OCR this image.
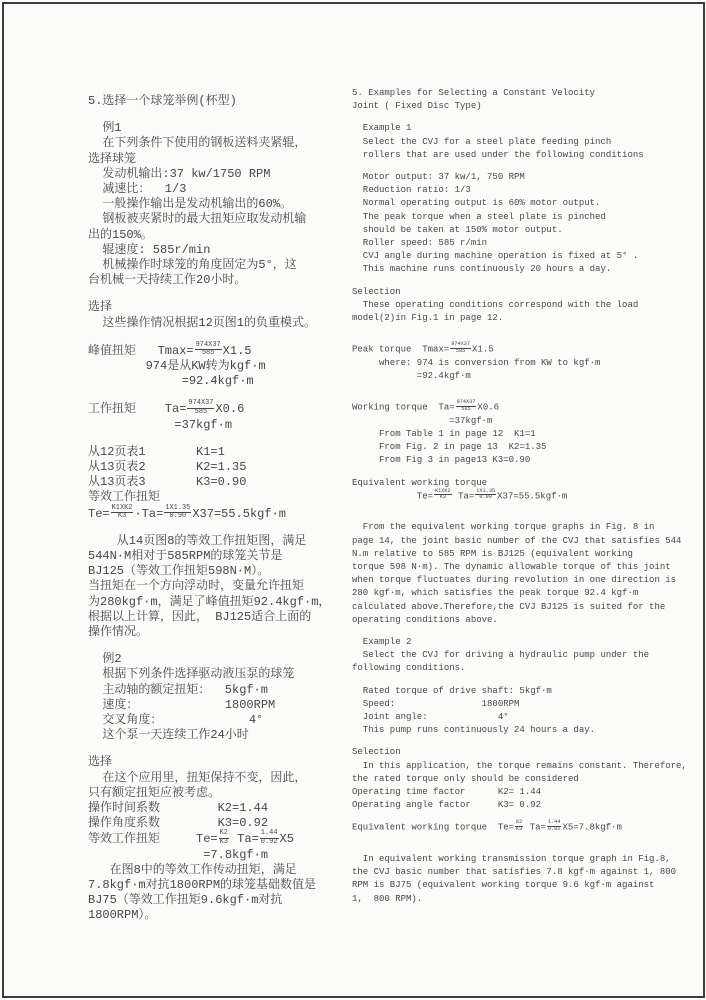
5.选择一个球笼举例(杯型)

例1
在下列条件下使用的钢板送料夹紧辊，
选择球笼
发动机输出:37 kw/1750 RPM
减速比：  1/3
一般操作输出是发动机输出的60%。
钢板被夹紧时的最大扭矩应取发动机输
出的150%。
辊速度: 585r/min
机械操作时球笼的角度固定为5°，这
台机械一天持续工作20小时。

选择
这些操作情况根据12页图1的负重模式。

峰值扭矩   $Tmax= \frac{974X37}{585} X1.5$
974是从KW转为kgf·m
=92.4kgf·m

工作扭矩    $Ta= \frac{974X37}{585} X0.6$
=37kgf·m

从12页表1       K1=1
从13页表2       K2=1.35
从13页表3       K3=0.90
等效工作扭矩
$Te= \frac{K1XK2}{K3} \cdot Ta= \frac{1X1.35}{0.90} X37=55.5kgf\cdot m$

从14页图8的等效工作扭矩图，满足
544N·M相对于585RPM的球笼关节是
BJ125（等效工作扭矩598N·M）。
当扭矩在一个方向浮动时，变量允许扭矩
为280kgf·m，满足了峰值扭矩92.4kgf·m，
根据以上计算，因此， BJ125适合上面的
操作情况。

例2
根据下列条件选择驱动液压泵的球笼
主动轴的额定扭矩：  5kgf·m
速度：            1800RPM
交叉角度：            4°
这个泵一天连续工作24小时

选择
在这个应用里，扭矩保持不变，因此，
只有额定扭矩应被考虑。
操作时间系数        K2=1.44
操作角度系数        K3=0.92
等效工作扭矩     $Te= \frac{K2}{K3} Ta= \frac{1.44}{0.92} X5$
=7.8kgf·m
在图8中的等效工作传动扭矩，满足
7.8kgf·m对抗1800RPM的球笼基础数值是
BJ75（等效工作扭矩9.6kgf·m对抗
1800RPM）。
5. Examples for Selecting a Constant Velocity
Joint ( Fixed Disc Type)

Example 1
Select the CVJ for a steel plate feeding pinch
rollers that are used under the following conditions

Motor output: 37 kw/1, 750 RPM
Reduction ratio: 1/3
Normal operating output is 60% motor output.
The peak torque when a steel plate is pinched
should be taken at 150% motor output.
Roller speed: 585 r/min
CVJ angle during machine operation is fixed at 5° .
This machine runs continuously 20 hours a day.

Selection
These operating conditions correspond with the load
model(2)in Fig.1 in page 12.

Peak torque  $Tmax= \frac{974X37}{585} X1.5$
where: 974 is conversion from KW to kgf·m
=92.4kgf·m

Working torque  $Ta= \frac{974X37}{585} X0.6$
=37kgf·m
From Table 1 in page 12  K1=1
From Fig. 2 in page 13  K2=1.35
From Fig 3 in page13 K3=0.90

Equivalent working torque
$Te= \frac{K1XK2}{K3} Ta= \frac{1X1.35}{0.90} X37=55.5kgf\cdot m$

From the equivalent working torque graphs in Fig. 8 in
page 14, the joint basic number of the CVJ that satisfies 544
N.m relative to 585 RPM is BJ125 (equivalent working
torque 598 N·m). The dynamic allowable torque of this joint
when torque fluctuates during revolution in one direction is
280 kgf·m, which satisfies the peak torque 92.4 kgf·m
calculated above.Therefore,the CVJ BJ125 is suited for the
operating conditions above.

Example 2
Select the CVJ for driving a hydraulic pump under the
following conditions.

Rated torque of drive shaft: 5kgf·m
Speed:                1800RPM
Joint angle:             4°
This pump runs continuously 24 hours a day.

Selection
In this application, the torque remains constant. Therefore,
the rated torque only should be considered
Operating time factor      K2= 1.44
Operating angle factor     K3= 0.92

Equivalent working torque  $Te= \frac{K2}{K3} Ta= \frac{1.44}{0.92} X5=7.8kgf\cdot m$

In equivalent working transmission torque graph in Fig.8,
the CVJ basic number that satisfies 7.8 kgf·m against 1, 800
RPM is BJ75 (equivalent working torque 9.6 kgf·m against
1,  800 RPM).
